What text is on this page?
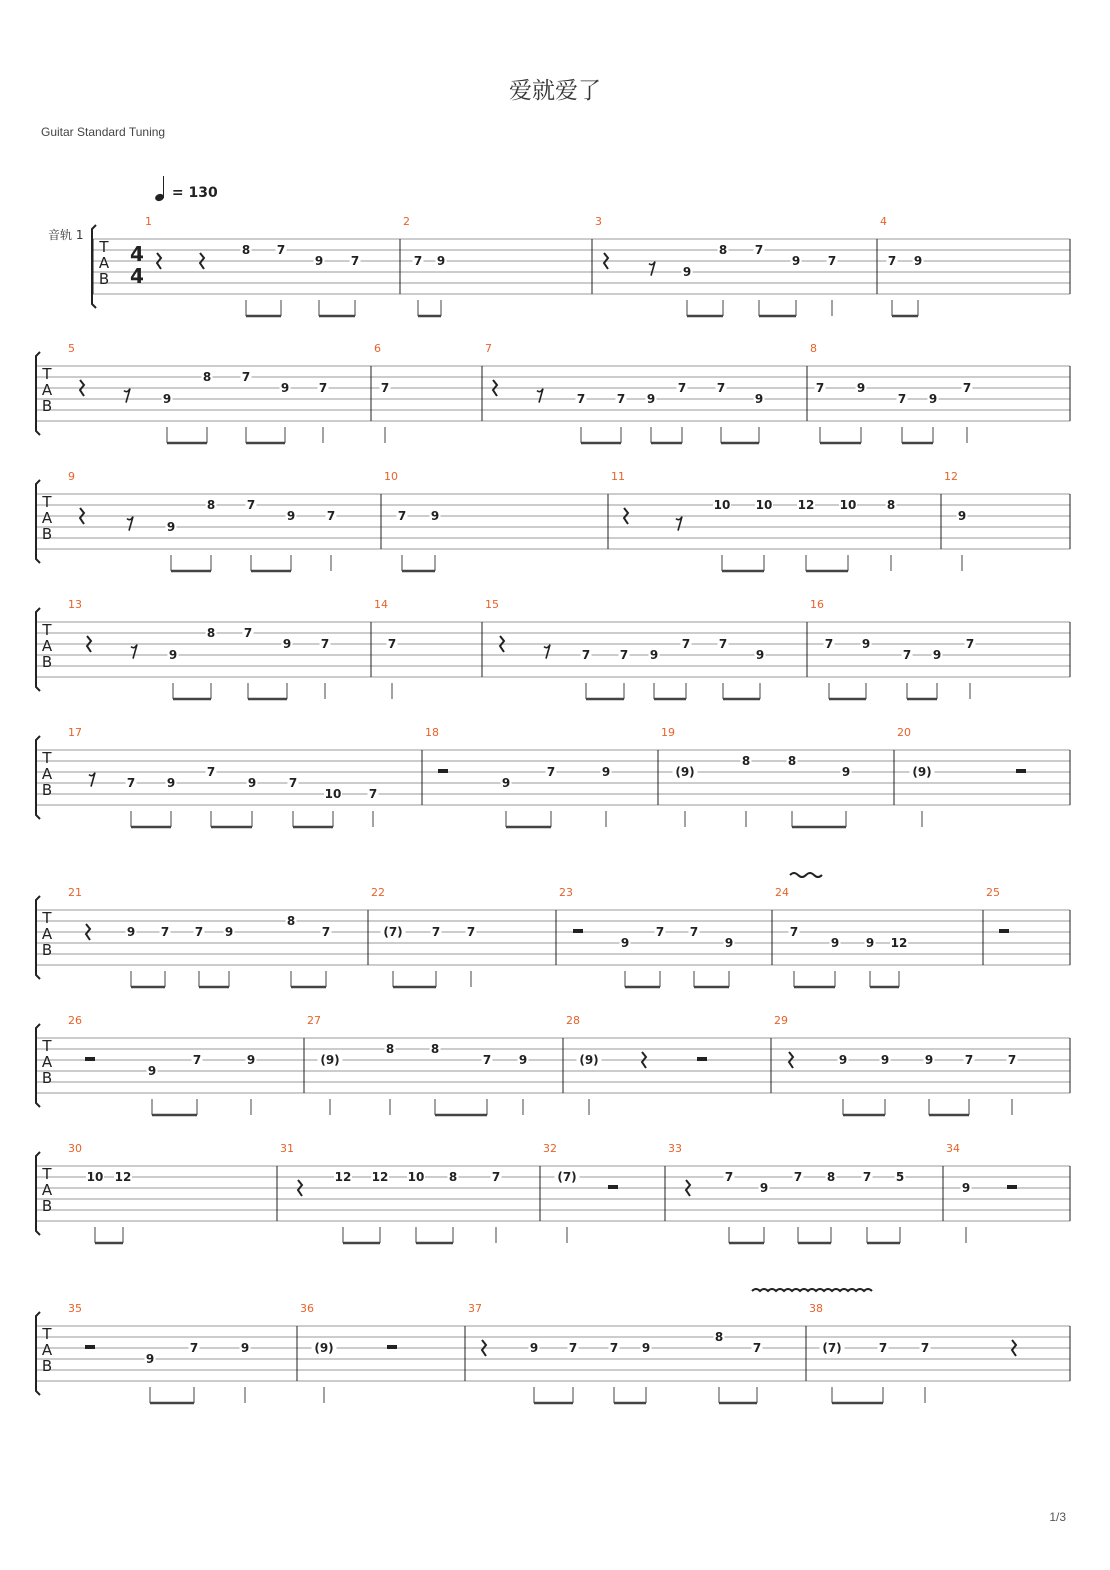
爱就爱了
Guitar Standard Tuning
= 130
1/3
T
A
B
音轨 1
4
4
1
8 7
9 7
2
7 9
3
9
8 7
9 7
4
7 9
T
A
B
5
9
8	7
9 7
6
7
7
7	7 9
7	7
9
8
7	9
7 9
7
T
A
B
9
9
8	7
9	7
10
7 9
11
10 10 12 10	8
12
9
T
A
B
13
9
8 7
9 7
14
7
15
7 7 9
7 7
9
16
7 9
7 9
7
T
A
B
17
7	9
7
9	7
10 7
18
9
7	9
19
(9)
8	8
9
20
(9)
T
A
B
21
9 7 7 9
8
7
22
(7) 7 7
23
9
7 7
9
24
7
9 9 12
25
T
A
B
26
9
7	9
27
(9)
8	8
7 9
28
(9)
29
9	9	9	7	7
T
A
B
30
10 12
31
12 12 10 8	7
32
(7)
33
7
9
7 8 7 5
34
9
T
A
B
35
9
7	9
36
(9)
37
9	7	7 9
8
7
38
(7)	7	7
